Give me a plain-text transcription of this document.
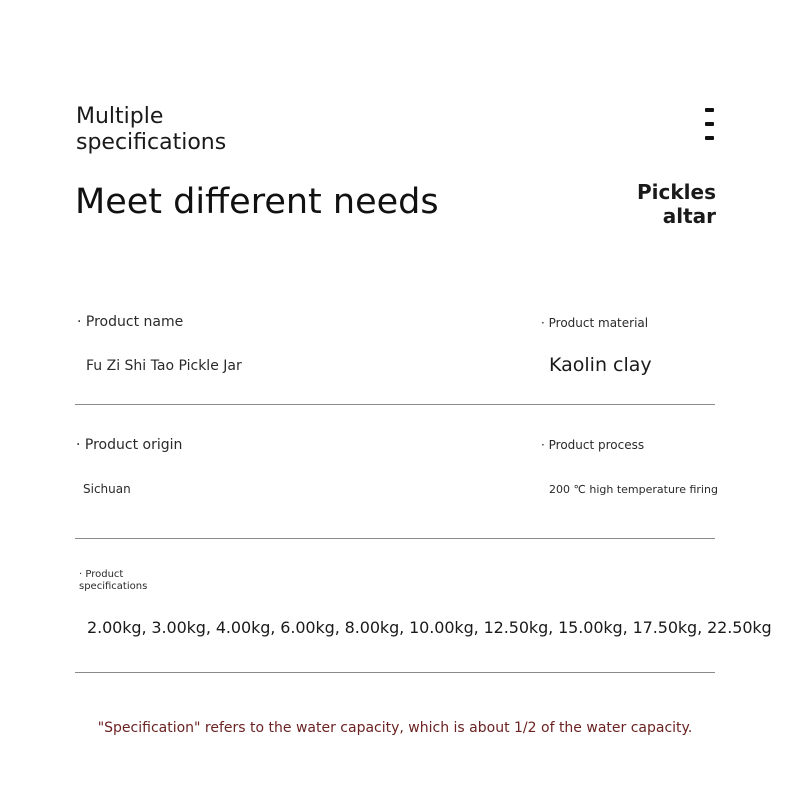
Multiple specifications
Meet different needs	Pickles altar
· Product name
Fu Zi Shi Tao Pickle Jar
· Product material
Kaolin clay
· Product origin
Sichuan
· Product process
200 ℃ high temperature firing
· Product specifications
2.00kg, 3.00kg, 4.00kg, 6.00kg, 8.00kg, 10.00kg, 12.50kg, 15.00kg, 17.50kg, 22.50kg
"Specification" refers to the water capacity, which is about 1/2 of the water capacity.
